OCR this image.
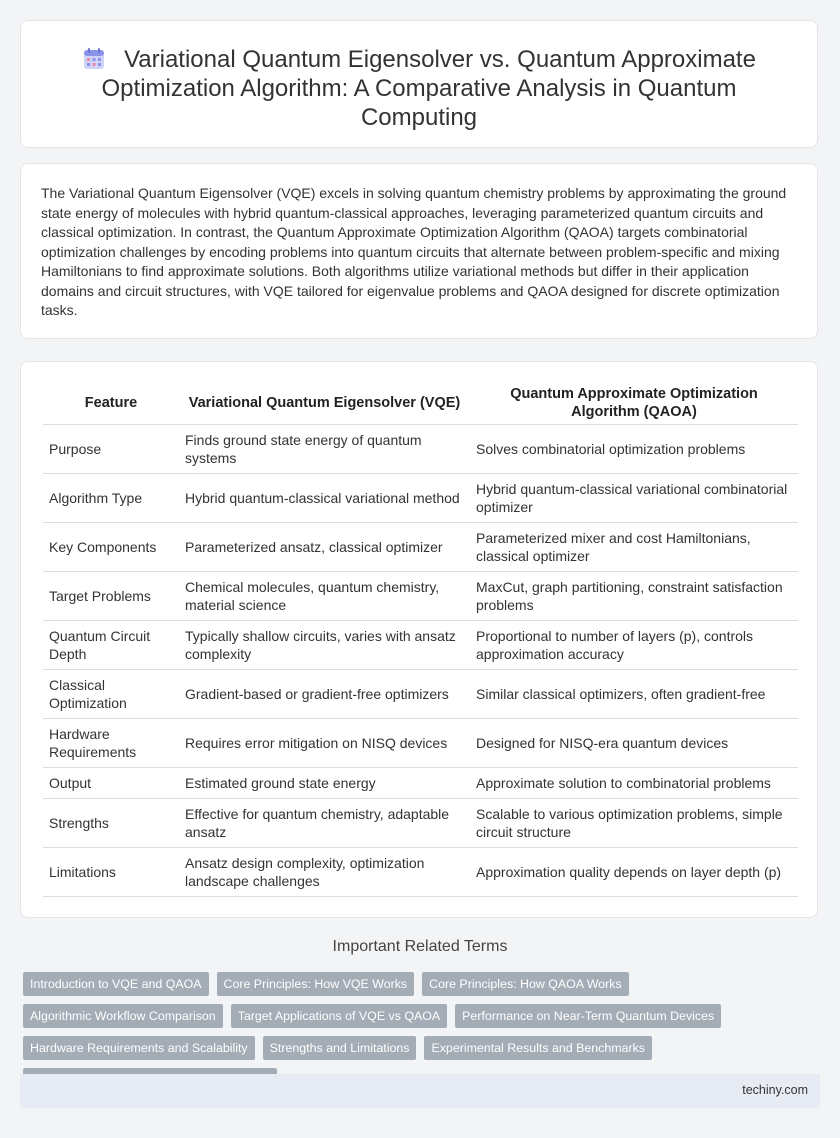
Variational Quantum Eigensolver vs. Quantum Approximate Optimization Algorithm: A Comparative Analysis in Quantum Computing

The Variational Quantum Eigensolver (VQE) excels in solving quantum chemistry problems by approximating the ground state energy of molecules with hybrid quantum-classical approaches, leveraging parameterized quantum circuits and classical optimization. In contrast, the Quantum Approximate Optimization Algorithm (QAOA) targets combinatorial optimization challenges by encoding problems into quantum circuits that alternate between problem-specific and mixing Hamiltonians to find approximate solutions. Both algorithms utilize variational methods but differ in their application domains and circuit structures, with VQE tailored for eigenvalue problems and QAOA designed for discrete optimization tasks.

Feature	Variational Quantum Eigensolver (VQE)	Quantum Approximate Optimization Algorithm (QAOA)
Purpose	Finds ground state energy of quantum systems	Solves combinatorial optimization problems
Algorithm Type	Hybrid quantum-classical variational method	Hybrid quantum-classical variational combinatorial optimizer
Key Components	Parameterized ansatz, classical optimizer	Parameterized mixer and cost Hamiltonians, classical optimizer
Target Problems	Chemical molecules, quantum chemistry, material science	MaxCut, graph partitioning, constraint satisfaction problems
Quantum Circuit Depth	Typically shallow circuits, varies with ansatz complexity	Proportional to number of layers (p), controls approximation accuracy
Classical Optimization	Gradient-based or gradient-free optimizers	Similar classical optimizers, often gradient-free
Hardware Requirements	Requires error mitigation on NISQ devices	Designed for NISQ-era quantum devices
Output	Estimated ground state energy	Approximate solution to combinatorial problems
Strengths	Effective for quantum chemistry, adaptable ansatz	Scalable to various optimization problems, simple circuit structure
Limitations	Ansatz design complexity, optimization landscape challenges	Approximation quality depends on layer depth (p)
Important Related Terms
Introduction to VQE and QAOA	Core Principles: How VQE Works	Core Principles: How QAOA Works
Algorithmic Workflow Comparison	Target Applications of VQE vs QAOA	Performance on Near-Term Quantum Devices
Hardware Requirements and Scalability	Strengths and Limitations	Experimental Results and Benchmarks
techiny.com
